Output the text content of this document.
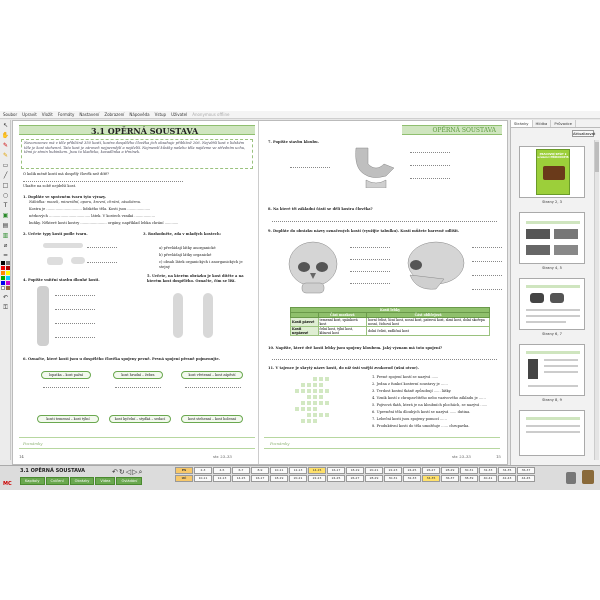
Soubor Upravit Vložit Formáty Nastavení Zobrazení Nápověda Vstup Uživatel Anonymous offline
↖
✋
✎
✎
▭
╱
□
○
T
▣
▤
▥
⌀
━
↶
⚿
3.1 OPĚRNÁ SOUSTAVA
Novorozenec má v těle přibližně 350 kostí, kostra dospělého člověka jich obsahuje přibližně 206. Největší kost v lidském těle je kost stehenní. Tato kost je zároveň nejpevnější a nejdelší. Nejmenší kůstky našeho těla najdeme ve středním uchu, těmi je stmin hubinkem. Jsou to kladívko, kovadlinka a třmínek.
O kolik méně kostí má dospělý člověk než dítě?
Ukažte na sobě nejdelší kost.
1. Doplňte ve správném tvaru tyto výrazy.
Nábidka: mozek, minerální, oporu, krevní, chrání, zásobárnu.
Kostra je ............................... lidského těla. Kosti jsou ....................
nérkových .................................... látek. V kostech vzniká ..................
buňky. Některé kosti kostry ....................... orgány, například lebka chrání ............
2. Určete typy kostí podle tvaru.	3. Rozhodněte, zda v mladých kostech:
a) převládají látky anorganické
b) převládají látky organické
c) obsah látek organických i anorganických je stejný
4. Popište vnitřní stavbu dlouhé kosti.
5. Určete, na kterém obrázku je kost dítěte a na kterém kost dospělého. Označte, čím se liší.
6. Označte, které kosti jsou u dospělého člověka spojeny pevně. Pevná spojení přesně pojmenujte.
lopatka – kost pažní	kost hrudní – žebra	kost vřetenní – kost zápěstí
kosti temenní – kost týlní	kost kyčelní – stydká – sedací	kost stehenní – kost holenní
Poznámky
14	str. 23–33
OPĚRNÁ SOUSTAVA
7. Popište stavbu kloubu.
8. Na které tři základní části se dělí kostra člověka?
9. Doplňte do obrázku názvy označených kostí (využijte tabulku). Kosti můžete barevně odlišit.
Kosti lebky		
	Část mozková	Část obličejová
Kosti párové	temenní kost, spánková kost	horní čelist, lícní kost, nosní kost, patrová kost, slzní kost, dolní skořepa nosní, čichová kost
Kosti nepárové	čelní kost, týlní kost, klínová kost	dolní čelist, radličná kost
10. Napište, které dvě kosti lebky jsou spojeny kloubem. Jaký význam má toto spojení?
11. V tajence je skrytý název kosti, do níž ústí vnější zvukovod (ušní otvor).
1. Pevné spojení kostí se nazývá ......
2. Jedna z funkcí kosterní soustavy je ......
3. Tvrdost kostní tkáně způsobují ...... látky.
4. Vznik kostí z chrupavčitého nebo vazivového základu je ......
5. Pojivová tkáň, která je na kloubních plochách, se nazývá ......
6. Upevnění těla dlouhých kostí se nazývá ...... dutina.
7. Lebeční kosti jsou spojeny pomocí ......
8. Produktivní kosti do těla umožňuje ...... chrupavka.
Poznámky
str. 23–33	15
Stránky	Hlídka	Průvodce
Aktualizovat
PRACOVNÍ SEŠIT k učebnici PŘÍRODOPIS
Strany 2, 3
Strany 4, 5
Strany 6, 7
Strany 8, 9
MC
3.1 OPĚRNÁ SOUSTAVA
Kapitoly	Cvičení	Obrázky	Videa	Ovládání
↶↻◁▷⌕	PS	2-3	4-5	6-7	8-9	10-11	12-13	14-15	16-17	18-19	20-21	22-23	24-25	26-27	28-29	30-31	32-33	34-35	36-37
UČ	10-11	12-13	14-15	16-17	18-19	20-21	22-23	24-25	26-27	28-29	30-31	32-33	34-35	36-37	38-39	40-41	42-43	44-45
